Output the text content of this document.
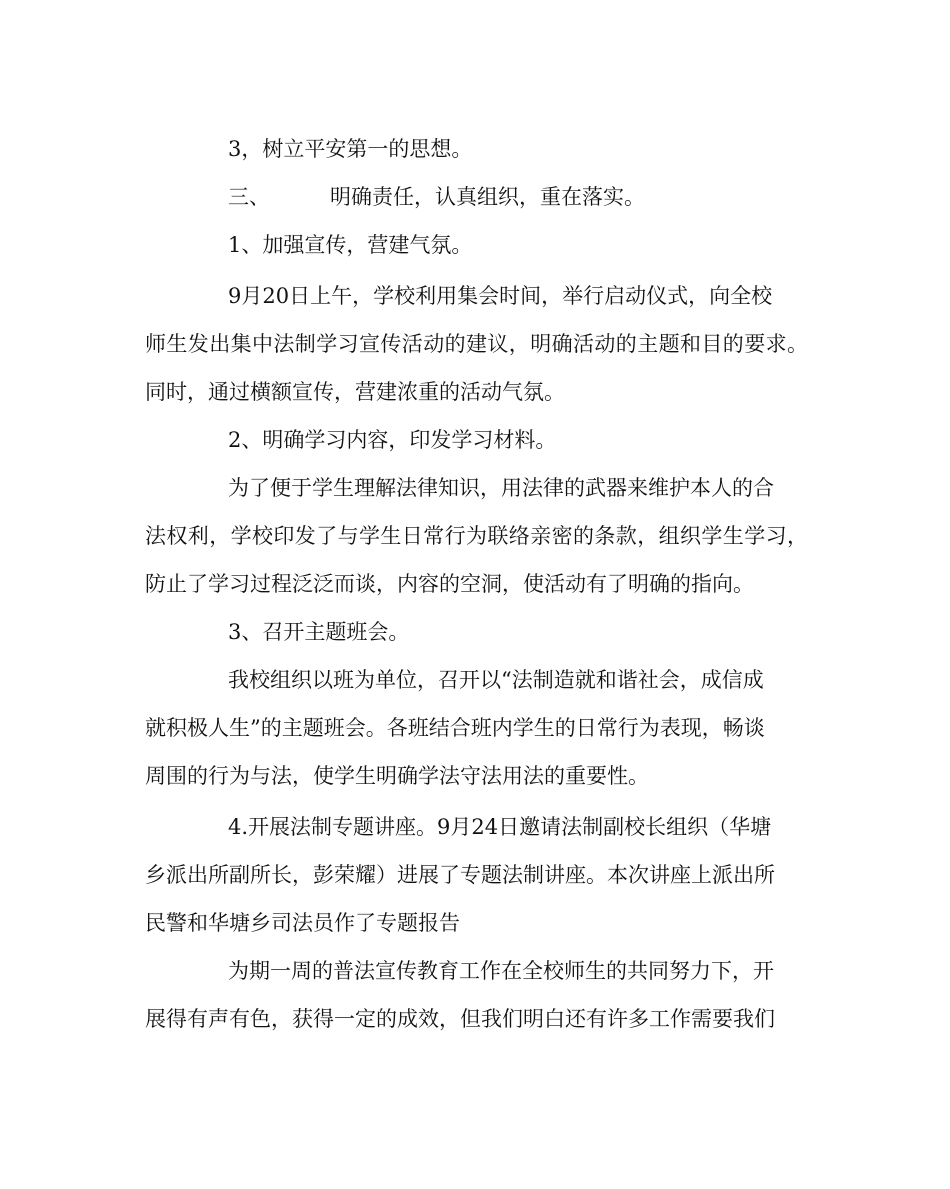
3，树立平安第一的思想。
三、	明确责任，认真组织，重在落实。
1、加强宣传，营建气氛。
9月20日上午，学校利用集会时间，举行启动仪式，向全校
师生发出集中法制学习宣传活动的建议，明确活动的主题和目的要求。
同时，通过横额宣传，营建浓重的活动气氛。
2、明确学习内容，印发学习材料。
为了便于学生理解法律知识，用法律的武器来维护本人的合
法权利，学校印发了与学生日常行为联络亲密的条款，组织学生学习，
防止了学习过程泛泛而谈，内容的空洞，使活动有了明确的指向。
3、召开主题班会。
我校组织以班为单位，召开以“法制造就和谐社会，成信成
就积极人生”的主题班会。各班结合班内学生的日常行为表现，畅谈
周围的行为与法，使学生明确学法守法用法的重要性。
4.开展法制专题讲座。9月24日邀请法制副校长组织（华塘
乡派出所副所长，彭荣耀）进展了专题法制讲座。本次讲座上派出所
民警和华塘乡司法员作了专题报告
为期一周的普法宣传教育工作在全校师生的共同努力下，开
展得有声有色，获得一定的成效，但我们明白还有许多工作需要我们
